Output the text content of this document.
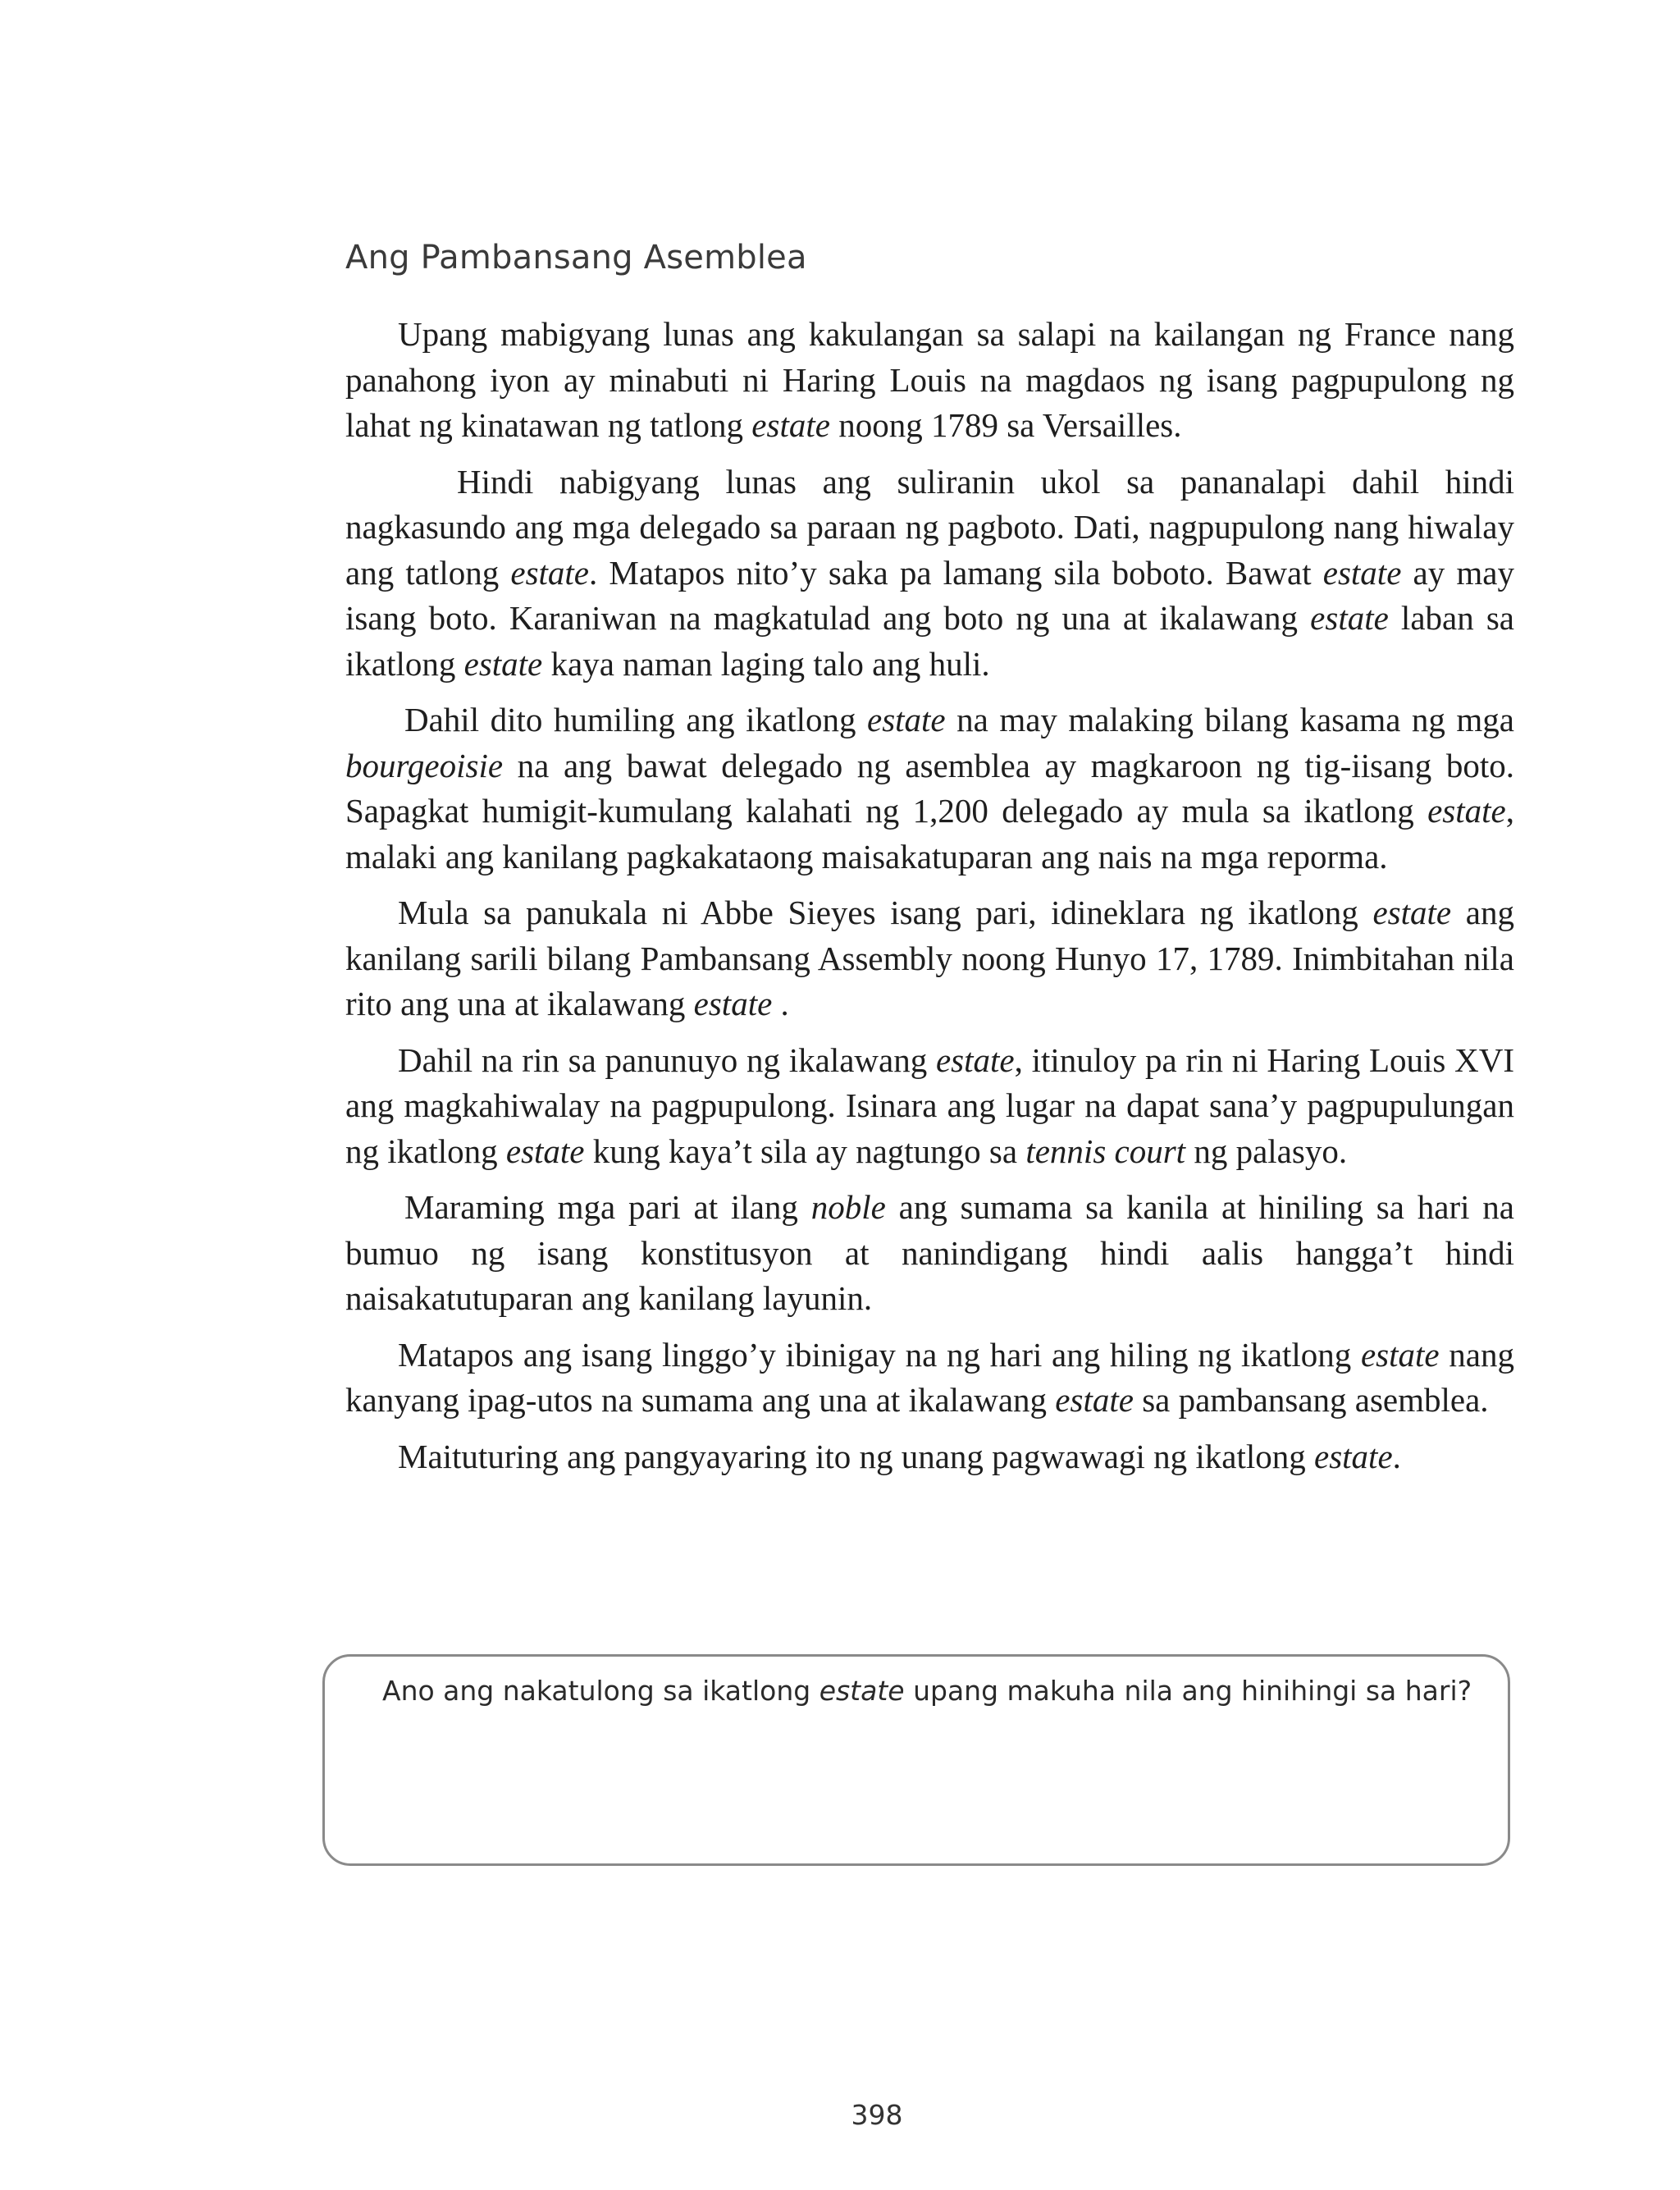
Ang Pambansang Asemblea

Upang mabigyang lunas ang kakulangan sa salapi na kailangan ng France nang panahong iyon ay minabuti ni Haring Louis na magdaos ng isang pagpupulong ng lahat ng kinatawan ng tatlong estate noong 1789 sa Versailles.

Hindi nabigyang lunas ang suliranin ukol sa pananalapi dahil hindi nagkasundo ang mga delegado sa paraan ng pagboto. Dati, nagpupulong nang hiwalay ang tatlong estate. Matapos nito’y saka pa lamang sila boboto. Bawat estate ay may isang boto. Karaniwan na magkatulad ang boto ng una at ikalawang estate laban sa ikatlong estate kaya naman laging talo ang huli.

Dahil dito humiling ang ikatlong estate na may malaking bilang kasama ng mga bourgeoisie na ang bawat delegado ng asemblea ay magkaroon ng tig-iisang boto. Sapagkat humigit-kumulang kalahati ng 1,200 delegado ay mula sa ikatlong estate, malaki ang kanilang pagkakataong maisakatuparan ang nais na mga reporma.

Mula sa panukala ni Abbe Sieyes isang pari, idineklara ng ikatlong estate ang kanilang sarili bilang Pambansang Assembly noong Hunyo 17, 1789. Inimbitahan nila rito ang una at ikalawang estate .

Dahil na rin sa panunuyo ng ikalawang estate, itinuloy pa rin ni Haring Louis XVI ang magkahiwalay na pagpupulong. Isinara ang lugar na dapat sana’y pagpupulungan ng ikatlong estate kung kaya’t sila ay nagtungo sa tennis court ng palasyo.

Maraming mga pari at ilang noble ang sumama sa kanila at hiniling sa hari na bumuo ng isang konstitusyon at nanindigang hindi aalis hangga’t hindi naisakatutuparan ang kanilang layunin.

Matapos ang isang linggo’y ibinigay na ng hari ang hiling ng ikatlong estate nang kanyang ipag-utos na sumama ang una at ikalawang estate sa pambansang asemblea.

Maituturing ang pangyayaring ito ng unang pagwawagi ng ikatlong estate.

Ano ang nakatulong sa ikatlong estate upang makuha nila ang hinihingi sa hari?

398
